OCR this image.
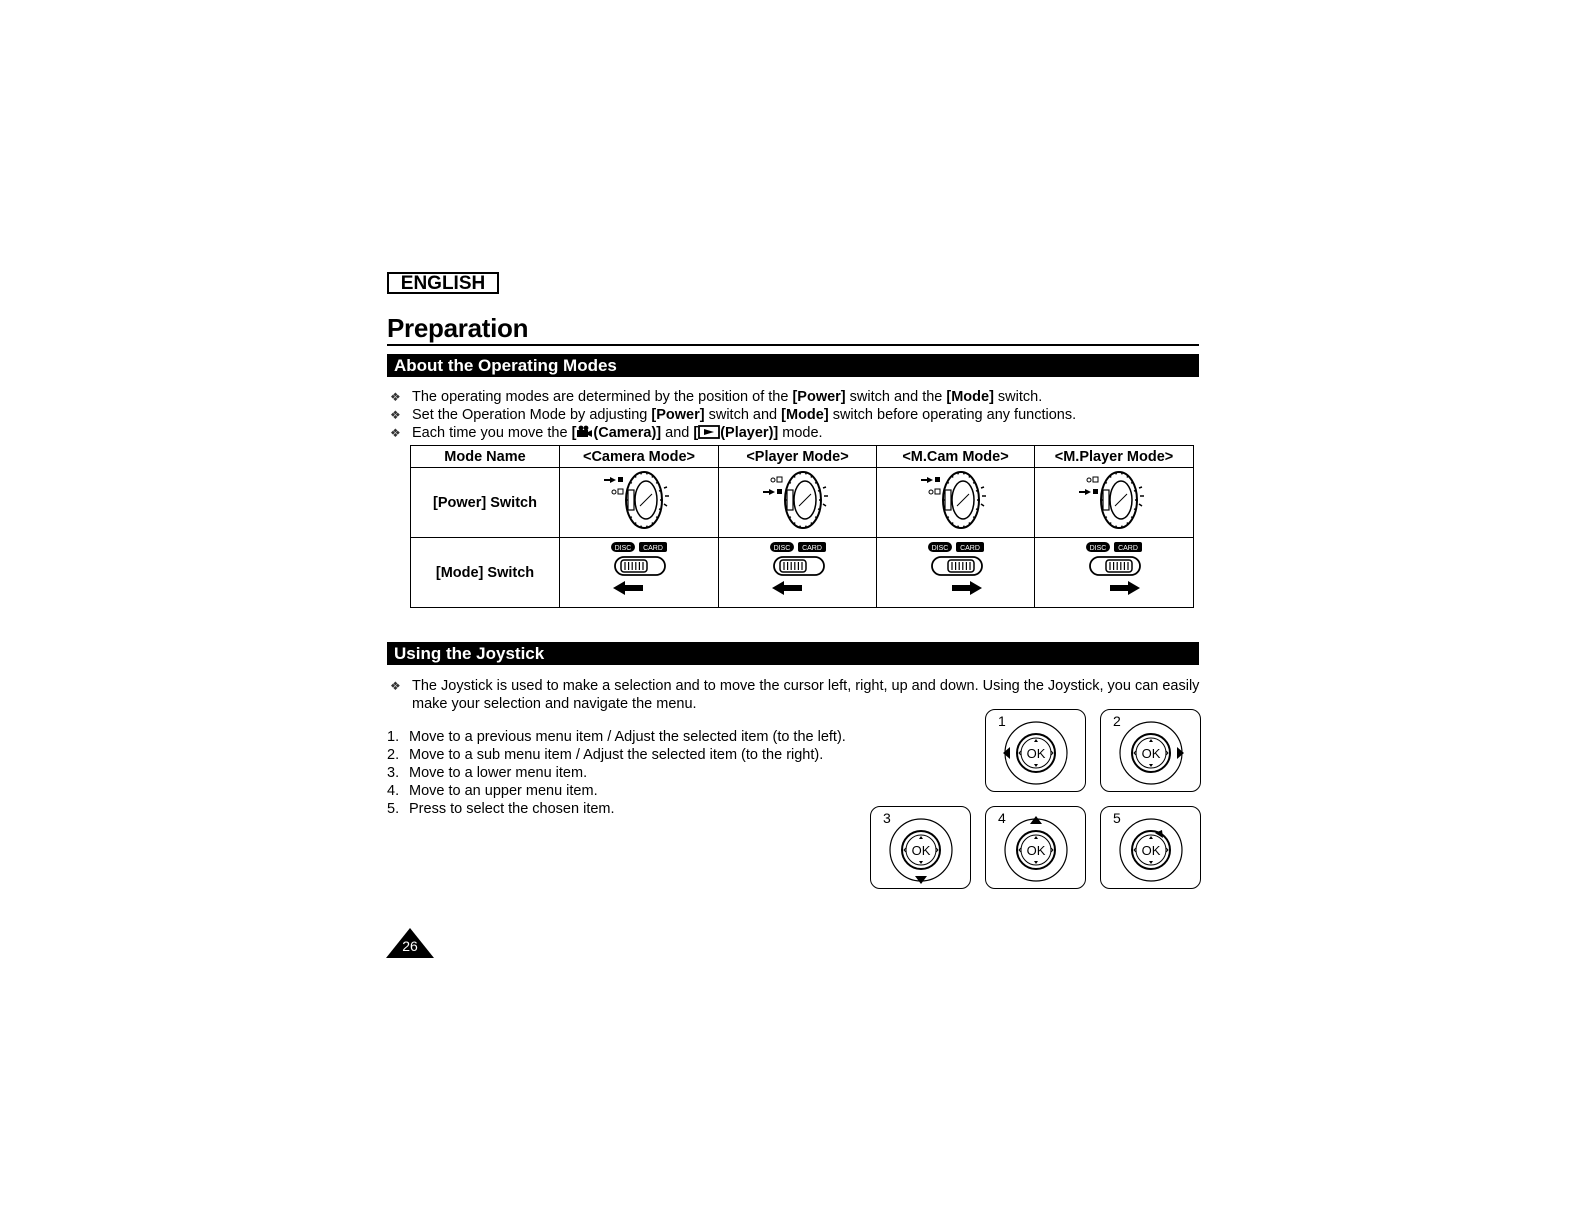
ENGLISH
Preparation
About the Operating Modes
❖ The operating modes are determined by the position of the [Power] switch and the [Mode] switch.
❖ Set the Operation Mode by adjusting [Power] switch and [Mode] switch before operating any functions.
❖ Each time you move the [ (Camera)] and [ (Player)] mode.
Mode Name	<Camera Mode>	<Player Mode>	<M.Cam Mode>	<M.Player Mode>
[Power] Switch				
[Mode] Switch	DISC CARD	DISC CARD	DISC CARD	DISC CARD
Using the Joystick
❖ The Joystick is used to make a selection and to move the cursor left, right, up and down. Using the Joystick, you can easily
make your selection and navigate the menu.
1. Move to a previous menu item / Adjust the selected item (to the left).
2. Move to a sub menu item / Adjust the selected item (to the right).
3. Move to a lower menu item.
4. Move to an upper menu item.
5. Press to select the chosen item.
1
OK
2
OK
3
OK
4
OK
5
OK
26
